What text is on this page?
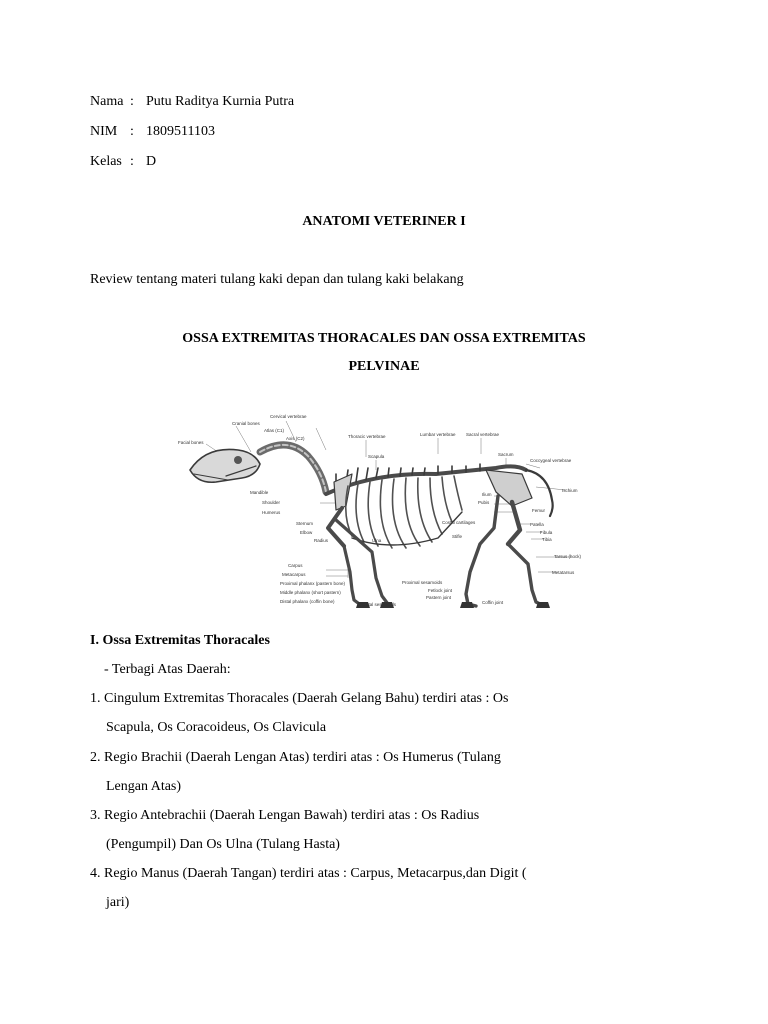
Nama : Putu Raditya Kurnia Putra
NIM : 1809511103
Kelas : D
ANATOMI VETERINER I
Review tentang materi tulang kaki depan dan tulang kaki belakang
OSSA EXTREMITAS THORACALES DAN OSSA EXTREMITAS
PELVINAE
Cranial bones
Cervical vertebrae
Atlas (C1)
Axis (C2)
Facial bones
Thoracic vertebrae	Lumbar vertebrae Sacral vertebrae
Sacrum
Coccygeal vertebrae
Scapula
Mandible	Ischium
Ilium
Pubis
Shoulder
Humerus
Sternum
Elbow
Radius	Ulna
Costal cartilages
Stifle
Femur
Patella
Fibula
Tibia
Tarsus (hock)
Metatarsus
Carpus
Metacarpus
Proximal phalanx (pastern bone)
Middle phalanx (short pastern)
Distal phalanx (coffin bone)
Proximal sesamoids
Fetlock joint
Pastern joint
Coffin joint
Distal sesamoids
I. Ossa Extremitas Thoracales
- Terbagi Atas Daerah:
1. Cingulum Extremitas Thoracales (Daerah Gelang Bahu) terdiri atas : Os
Scapula, Os Coracoideus, Os Clavicula
2. Regio Brachii (Daerah Lengan Atas) terdiri atas : Os Humerus (Tulang
Lengan Atas)
3. Regio Antebrachii (Daerah Lengan Bawah) terdiri atas : Os Radius
(Pengumpil) Dan Os Ulna (Tulang Hasta)
4. Regio Manus (Daerah Tangan) terdiri atas : Carpus, Metacarpus,dan Digit (
jari)
